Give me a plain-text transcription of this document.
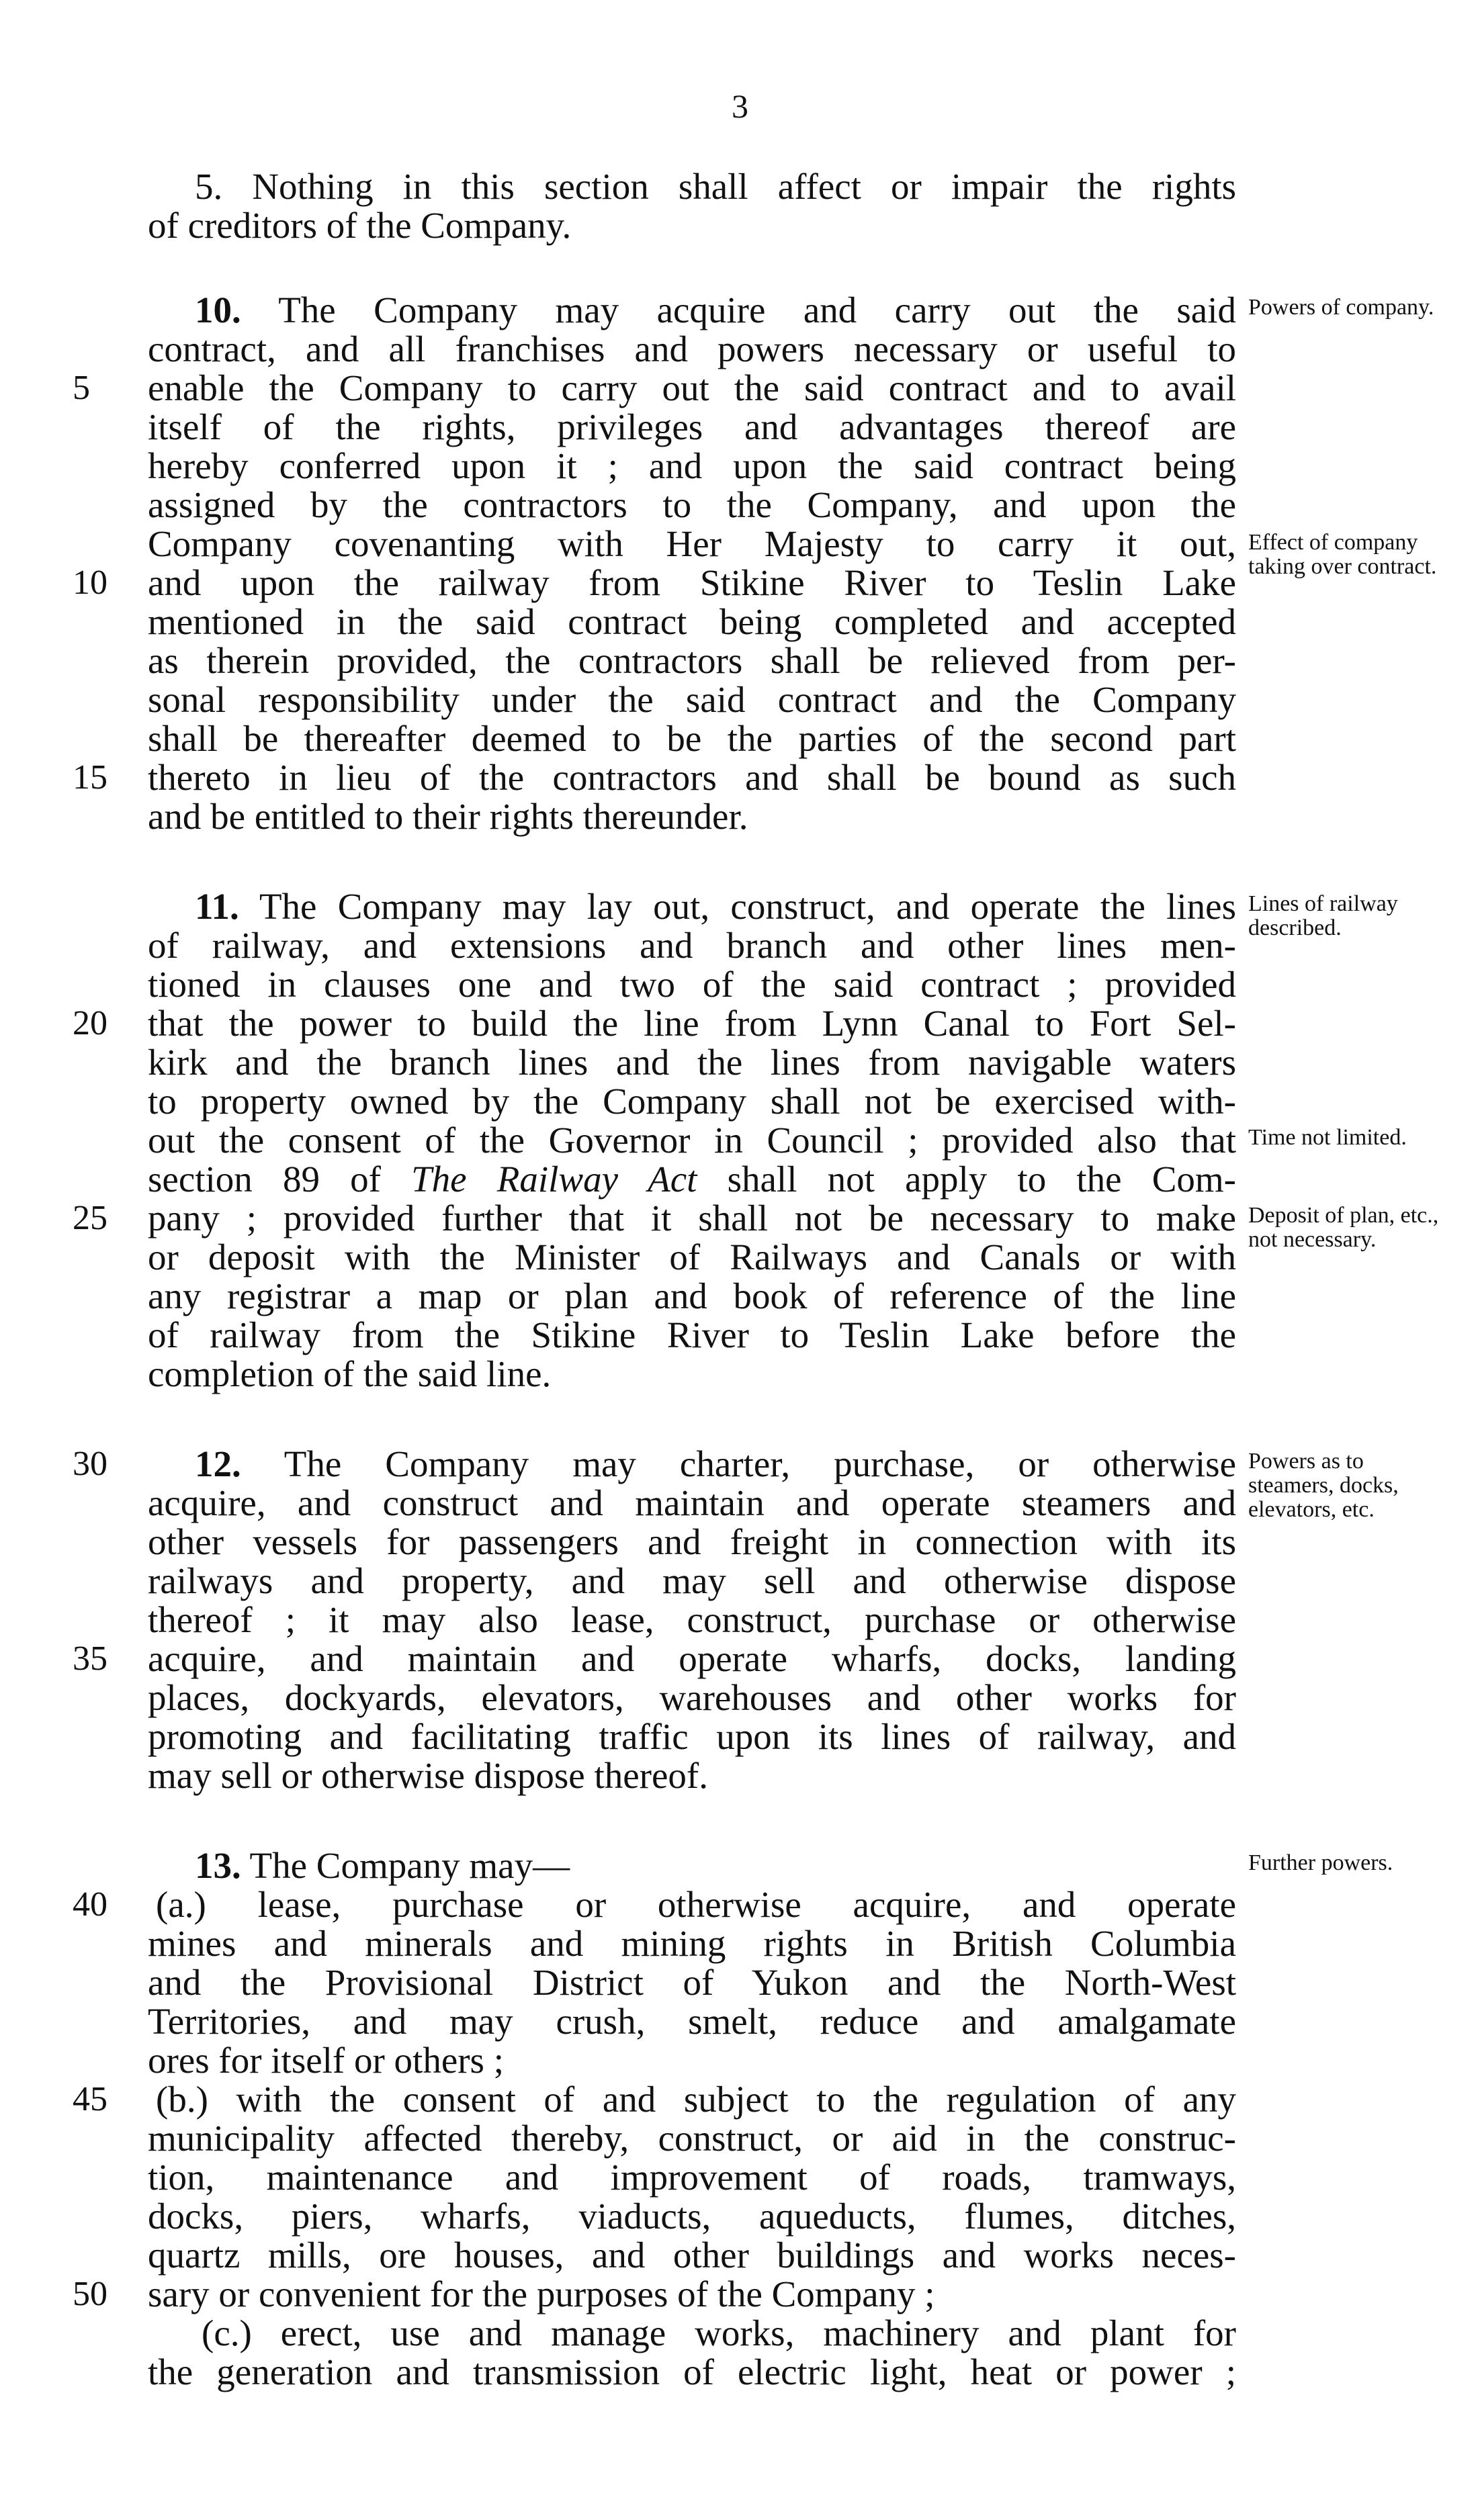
3
5. Nothing in this section shall affect or impair the rights
of creditors of the Company.
10. The Company may acquire and carry out the said
contract, and all franchises and powers necessary or useful to
enable the Company to carry out the said contract and to avail
itself of the rights, privileges and advantages thereof are
hereby conferred upon it ; and upon the said contract being
assigned by the contractors to the Company, and upon the
Company covenanting with Her Majesty to carry it out,
and upon the railway from Stikine River to Teslin Lake
mentioned in the said contract being completed and accepted
as therein provided, the contractors shall be relieved from per-
sonal responsibility under the said contract and the Company
shall be thereafter deemed to be the parties of the second part
thereto in lieu of the contractors and shall be bound as such
and be entitled to their rights thereunder.
11. The Company may lay out, construct, and operate the lines
of railway, and extensions and branch and other lines men-
tioned in clauses one and two of the said contract ; provided
that the power to build the line from Lynn Canal to Fort Sel-
kirk and the branch lines and the lines from navigable waters
to property owned by the Company shall not be exercised with-
out the consent of the Governor in Council ; provided also that
section 89 of The Railway Act shall not apply to the Com-
pany ; provided further that it shall not be necessary to make
or deposit with the Minister of Railways and Canals or with
any registrar a map or plan and book of reference of the line
of railway from the Stikine River to Teslin Lake before the
completion of the said line.
12. The Company may charter, purchase, or otherwise
acquire, and construct and maintain and operate steamers and
other vessels for passengers and freight in connection with its
railways and property, and may sell and otherwise dispose
thereof ; it may also lease, construct, purchase or otherwise
acquire, and maintain and operate wharfs, docks, landing
places, dockyards, elevators, warehouses and other works for
promoting and facilitating traffic upon its lines of railway, and
may sell or otherwise dispose thereof.
13. The Company may—
(a.) lease, purchase or otherwise acquire, and operate
mines and minerals and mining rights in British Columbia
and the Provisional District of Yukon and the North-West
Territories, and may crush, smelt, reduce and amalgamate
ores for itself or others ;
(b.) with the consent of and subject to the regulation of any
municipality affected thereby, construct, or aid in the construc-
tion, maintenance and improvement of roads, tramways,
docks, piers, wharfs, viaducts, aqueducts, flumes, ditches,
quartz mills, ore houses, and other buildings and works neces-
sary or convenient for the purposes of the Company ;
(c.) erect, use and manage works, machinery and plant for
the generation and transmission of electric light, heat or power ;
5
10
15
20
25
30
35
40
45
50
Powers of company.
Effect of company taking over contract.
Lines of railway described.
Time not limited.
Deposit of plan, etc., not necessary.
Powers as to steamers, docks, elevators, etc.
Further powers.
